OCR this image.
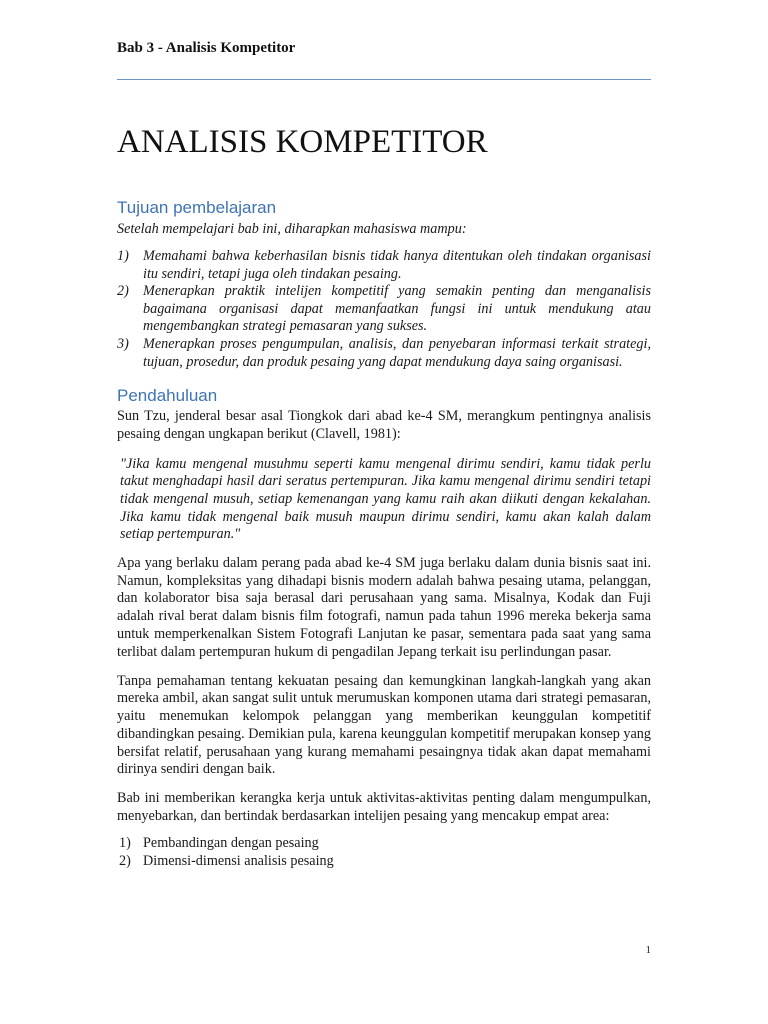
Bab 3 - Analisis Kompetitor
ANALISIS KOMPETITOR
Tujuan pembelajaran

Setelah mempelajari bab ini, diharapkan mahasiswa mampu:

1) Memahami bahwa keberhasilan bisnis tidak hanya ditentukan oleh tindakan organisasi itu sendiri, tetapi juga oleh tindakan pesaing.
2) Menerapkan praktik intelijen kompetitif yang semakin penting dan menganalisis bagaimana organisasi dapat memanfaatkan fungsi ini untuk mendukung atau mengembangkan strategi pemasaran yang sukses.
3) Menerapkan proses pengumpulan, analisis, dan penyebaran informasi terkait strategi, tujuan, prosedur, dan produk pesaing yang dapat mendukung daya saing organisasi.
Pendahuluan

Sun Tzu, jenderal besar asal Tiongkok dari abad ke-4 SM, merangkum pentingnya analisis pesaing dengan ungkapan berikut (Clavell, 1981):

"Jika kamu mengenal musuhmu seperti kamu mengenal dirimu sendiri, kamu tidak perlu takut menghadapi hasil dari seratus pertempuran. Jika kamu mengenal dirimu sendiri tetapi tidak mengenal musuh, setiap kemenangan yang kamu raih akan diikuti dengan kekalahan. Jika kamu tidak mengenal baik musuh maupun dirimu sendiri, kamu akan kalah dalam setiap pertempuran."

Apa yang berlaku dalam perang pada abad ke-4 SM juga berlaku dalam dunia bisnis saat ini. Namun, kompleksitas yang dihadapi bisnis modern adalah bahwa pesaing utama, pelanggan, dan kolaborator bisa saja berasal dari perusahaan yang sama. Misalnya, Kodak dan Fuji adalah rival berat dalam bisnis film fotografi, namun pada tahun 1996 mereka bekerja sama untuk memperkenalkan Sistem Fotografi Lanjutan ke pasar, sementara pada saat yang sama terlibat dalam pertempuran hukum di pengadilan Jepang terkait isu perlindungan pasar.

Tanpa pemahaman tentang kekuatan pesaing dan kemungkinan langkah-langkah yang akan mereka ambil, akan sangat sulit untuk merumuskan komponen utama dari strategi pemasaran, yaitu menemukan kelompok pelanggan yang memberikan keunggulan kompetitif dibandingkan pesaing. Demikian pula, karena keunggulan kompetitif merupakan konsep yang bersifat relatif, perusahaan yang kurang memahami pesaingnya tidak akan dapat memahami dirinya sendiri dengan baik.

Bab ini memberikan kerangka kerja untuk aktivitas-aktivitas penting dalam mengumpulkan, menyebarkan, dan bertindak berdasarkan intelijen pesaing yang mencakup empat area:

1) Pembandingan dengan pesaing
2) Dimensi-dimensi analisis pesaing
1
